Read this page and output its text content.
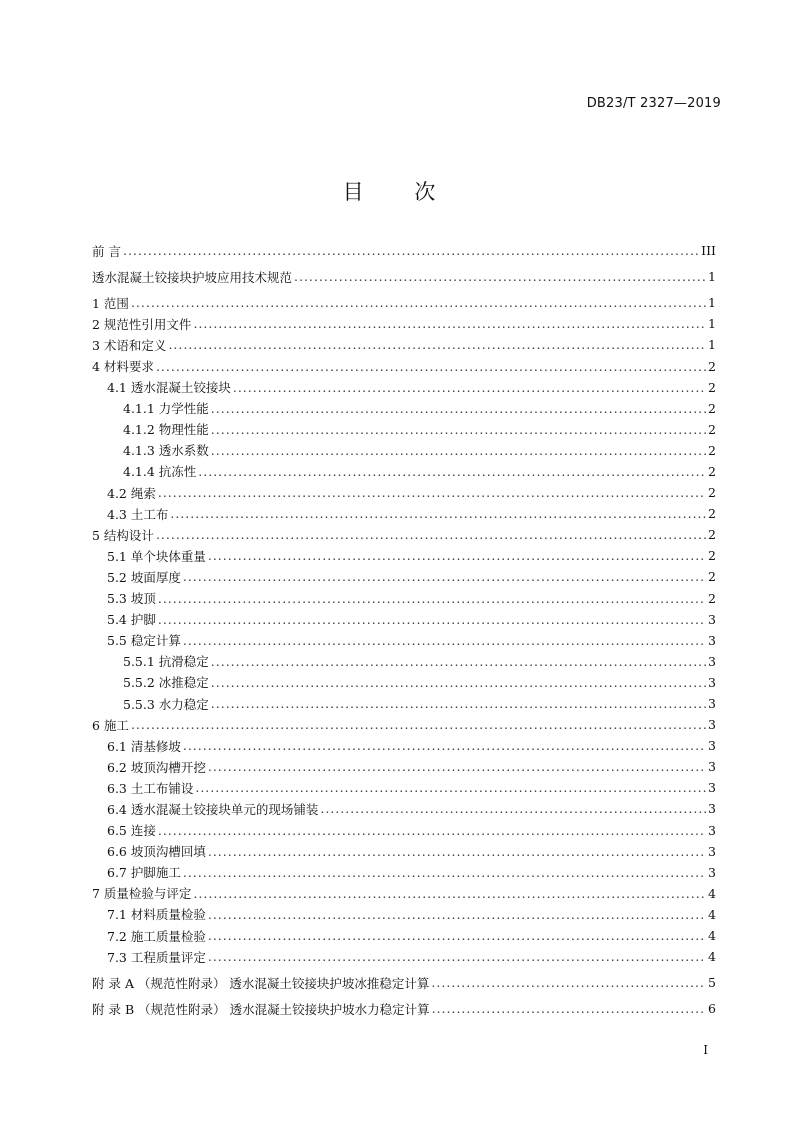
DB23/T 2327—2019
目 次
前 言 .....	III
透水混凝土铰接块护坡应用技术规范 .....	1
1 范围 .....	1
2 规范性引用文件 .....	1
3 术语和定义 .....	1
4 材料要求 .....	2
4.1 透水混凝土铰接块 .....	2
4.1.1 力学性能 .....	2
4.1.2 物理性能 .....	2
4.1.3 透水系数 .....	2
4.1.4 抗冻性 .....	2
4.2 绳索 .....	2
4.3 土工布 .....	2
5 结构设计 .....	2
5.1 单个块体重量 .....	2
5.2 坡面厚度 .....	2
5.3 坡顶 .....	2
5.4 护脚 .....	3
5.5 稳定计算 .....	3
5.5.1 抗滑稳定 .....	3
5.5.2 冰推稳定 .....	3
5.5.3 水力稳定 .....	3
6 施工 .....	3
6.1 清基修坡 .....	3
6.2 坡顶沟槽开挖 .....	3
6.3 土工布铺设 .....	3
6.4 透水混凝土铰接块单元的现场铺装 .....	3
6.5 连接 .....	3
6.6 坡顶沟槽回填 .....	3
6.7 护脚施工 .....	3
7 质量检验与评定 .....	4
7.1 材料质量检验 .....	4
7.2 施工质量检验 .....	4
7.3 工程质量评定 .....	4
附 录 A （规范性附录） 透水混凝土铰接块护坡冰推稳定计算 .....	5
附 录 B （规范性附录） 透水混凝土铰接块护坡水力稳定计算 .....	6
I
